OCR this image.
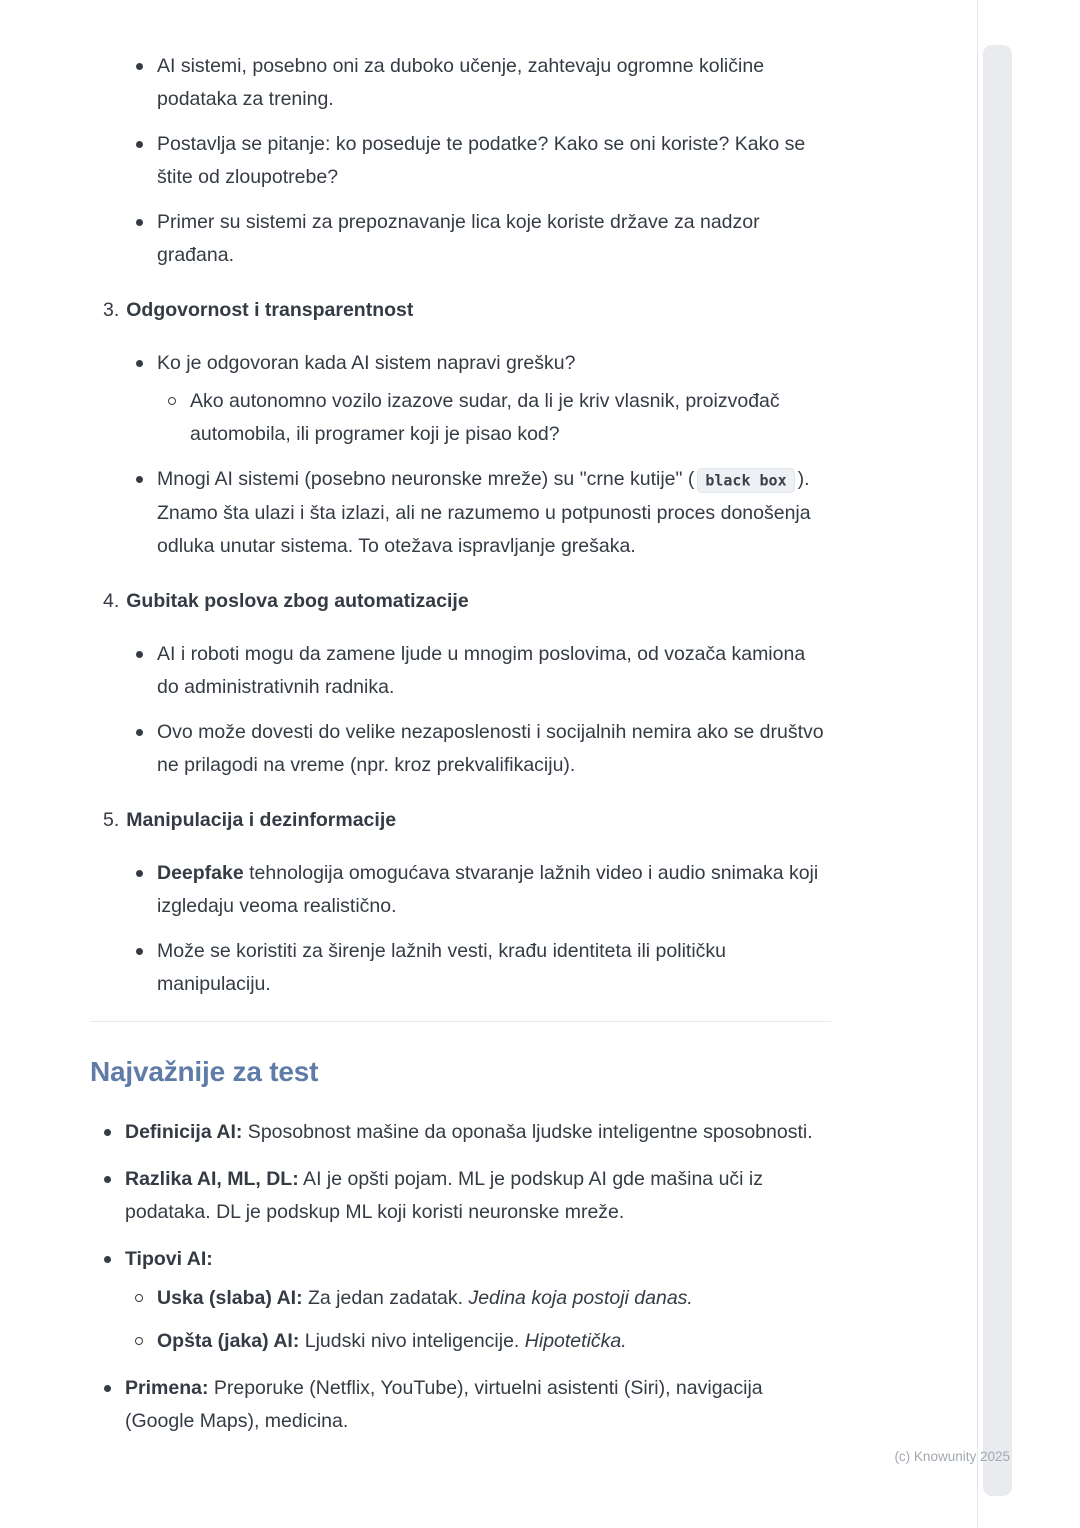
AI sistemi, posebno oni za duboko učenje, zahtevaju ogromne količine podataka za trening.
Postavlja se pitanje: ko poseduje te podatke? Kako se oni koriste? Kako se štite od zloupotrebe?
Primer su sistemi za prepoznavanje lica koje koriste države za nadzor građana.
3. Odgovornost i transparentnost
Ko je odgovoran kada AI sistem napravi grešku?
Ako autonomno vozilo izazove sudar, da li je kriv vlasnik, proizvođač automobila, ili programer koji je pisao kod?
Mnogi AI sistemi (posebno neuronske mreže) su "crne kutije" ( black box ). Znamo šta ulazi i šta izlazi, ali ne razumemo u potpunosti proces donošenja odluka unutar sistema. To otežava ispravljanje grešaka.
4. Gubitak poslova zbog automatizacije
AI i roboti mogu da zamene ljude u mnogim poslovima, od vozača kamiona do administrativnih radnika.
Ovo može dovesti do velike nezaposlenosti i socijalnih nemira ako se društvo ne prilagodi na vreme (npr. kroz prekvalifikaciju).
5. Manipulacija i dezinformacije
Deepfake tehnologija omogućava stvaranje lažnih video i audio snimaka koji izgledaju veoma realistično.
Može se koristiti za širenje lažnih vesti, krađu identiteta ili političku manipulaciju.
Najvažnije za test
Definicija AI: Sposobnost mašine da oponaša ljudske inteligentne sposobnosti.
Razlika AI, ML, DL: AI je opšti pojam. ML je podskup AI gde mašina uči iz podataka. DL je podskup ML koji koristi neuronske mreže.
Tipovi AI:
Uska (slaba) AI: Za jedan zadatak. Jedina koja postoji danas.
Opšta (jaka) AI: Ljudski nivo inteligencije. Hipotetička.
Primena: Preporuke (Netflix, YouTube), virtuelni asistenti (Siri), navigacija (Google Maps), medicina.
(c) Knowunity 2025
